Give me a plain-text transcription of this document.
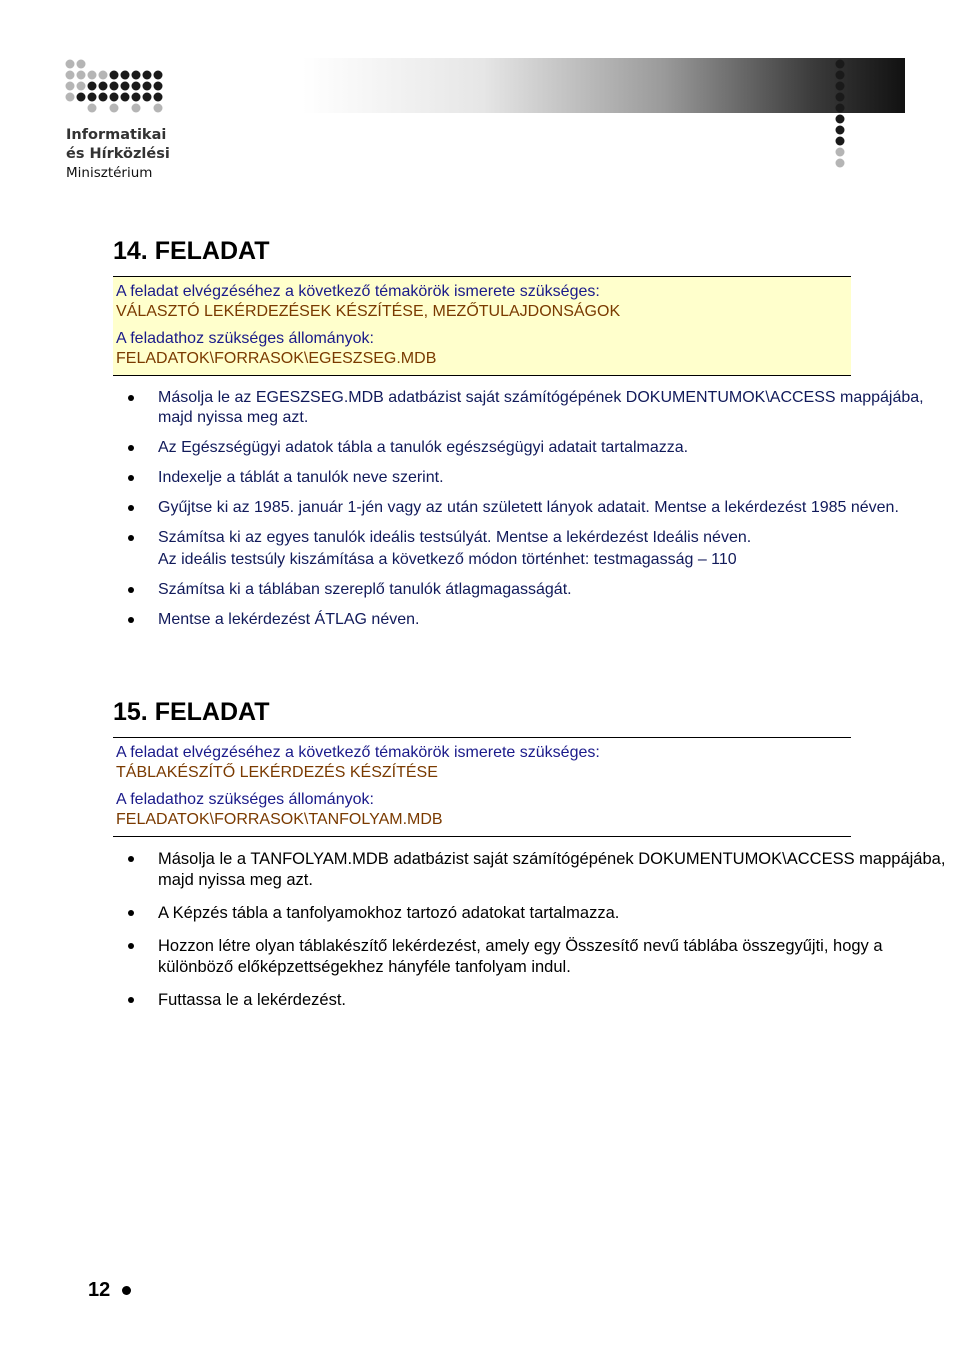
Informatikai
és Hírközlési
Minisztérium
14. FELADAT
A feladat elvégzéséhez a következő témakörök ismerete szükséges:
VÁLASZTÓ LEKÉRDEZÉSEK KÉSZÍTÉSE, MEZŐTULAJDONSÁGOK
A feladathoz szükséges állományok:
FELADATOK\FORRASOK\EGESZSEG.MDB
Másolja le az EGESZSEG.MDB adatbázist saját számítógépének DOKUMENTUMOK\ACCESS mappájába, majd nyissa meg azt.
Az Egészségügyi adatok tábla a tanulók egészségügyi adatait tartalmazza.
Indexelje a táblát a tanulók neve szerint.
Gyűjtse ki az 1985. január 1-jén vagy az után született lányok adatait. Mentse a lekérdezést 1985 néven.
Számítsa ki az egyes tanulók ideális testsúlyát. Mentse a lekérdezést Ideális néven.
Az ideális testsúly kiszámítása a következő módon történhet: testmagasság – 110
Számítsa ki a táblában szereplő tanulók átlagmagasságát.
Mentse a lekérdezést ÁTLAG néven.
15. FELADAT
A feladat elvégzéséhez a következő témakörök ismerete szükséges:
TÁBLAKÉSZÍTŐ LEKÉRDEZÉS KÉSZÍTÉSE
A feladathoz szükséges állományok:
FELADATOK\FORRASOK\TANFOLYAM.MDB
Másolja le a TANFOLYAM.MDB adatbázist saját számítógépének DOKUMENTUMOK\ACCESS mappájába, majd nyissa meg azt.
A Képzés tábla a tanfolyamokhoz tartozó adatokat tartalmazza.
Hozzon létre olyan táblakészítő lekérdezést, amely egy Összesítő nevű táblába összegyűjti, hogy a különböző előképzettségekhez hányféle tanfolyam indul.
Futtassa le a lekérdezést.
12
